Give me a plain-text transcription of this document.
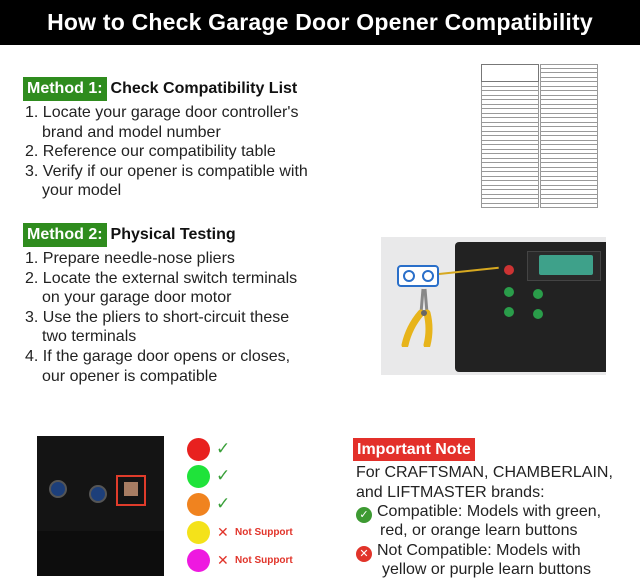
How to Check Garage Door Opener Compatibility
Method 1: Check Compatibility List
1. Locate your garage door controller's
brand and model number
2. Reference our compatibility table
3. Verify if our opener is compatible with
your model
Method 2: Physical Testing
1. Prepare needle-nose pliers
2. Locate the external switch terminals
on your garage door motor
3. Use the pliers to short-circuit these
two terminals
4. If the garage door opens or closes,
our opener is compatible
✓
✓
✓
✕ Not Support
✕ Not Support
Important Note
For CRAFTSMAN, CHAMBERLAIN,
and LIFTMASTER brands:
✓ Compatible: Models with green,
red, or orange learn buttons
✕ Not Compatible: Models with
yellow or purple learn buttons
